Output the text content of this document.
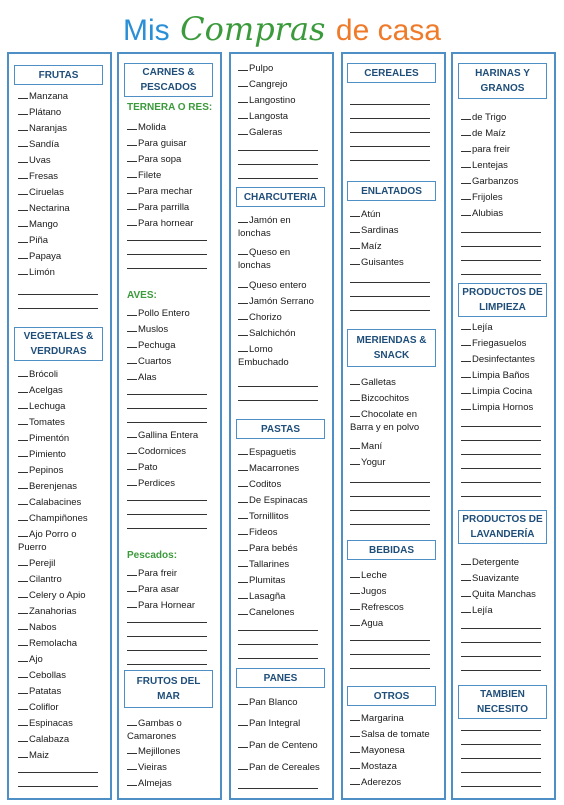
Mis Compras de casa
FRUTAS
Manzana
Plátano
Naranjas
Sandía
Uvas
Fresas
Ciruelas
Nectarina
Mango
Piña
Papaya
Limón
VEGETALES & VERDURAS
Brócoli
Acelgas
Lechuga
Tomates
Pimentón
Pimiento
Pepinos
Berenjenas
Calabacines
Champiñones
Ajo Porro o Puerro
Perejil
Cilantro
Celery o Apio
Zanahorias
Nabos
Remolacha
Ajo
Cebollas
Patatas
Coliflor
Espinacas
Calabaza
Maiz
CARNES & PESCADOS
TERNERA O RES:
Molida
Para guisar
Para sopa
Filete
Para mechar
Para parrilla
Para hornear
AVES:
Pollo Entero
Muslos
Pechuga
Cuartos
Alas
Gallina Entera
Codornices
Pato
Perdices
Pescados:
Para freir
Para asar
Para Hornear
FRUTOS DEL MAR
Gambas o Camarones
Mejillones
Vieiras
Almejas
Pulpo
Cangrejo
Langostino
Langosta
Galeras
CHARCUTERIA
Jamón en lonchas
Queso en lonchas
Queso entero
Jamón Serrano
Chorizo
Salchichón
Lomo Embuchado
PASTAS
Espaguetis
Macarrones
Coditos
De Espinacas
Tornillitos
Fideos
Para bebés
Tallarines
Plumitas
Lasagña
Canelones
PANES
Pan Blanco
Pan Integral
Pan de Centeno
Pan de Cereales
CEREALES
ENLATADOS
Atún
Sardinas
Maíz
Guisantes
MERIENDAS & SNACK
Galletas
Bizcochitos
Chocolate en Barra y en polvo
Maní
Yogur
BEBIDAS
Leche
Jugos
Refrescos
Agua
OTROS
Margarina
Salsa de tomate
Mayonesa
Mostaza
Aderezos
HARINAS Y GRANOS
de Trigo
de Maíz
para freir
Lentejas
Garbanzos
Frijoles
Alubias
PRODUCTOS DE LIMPIEZA
Lejía
Friegasuelos
Desinfectantes
Limpia Baños
Limpia Cocina
Limpia Hornos
PRODUCTOS DE LAVANDERÍA
Detergente
Suavizante
Quita Manchas
Lejía
TAMBIEN NECESITO
